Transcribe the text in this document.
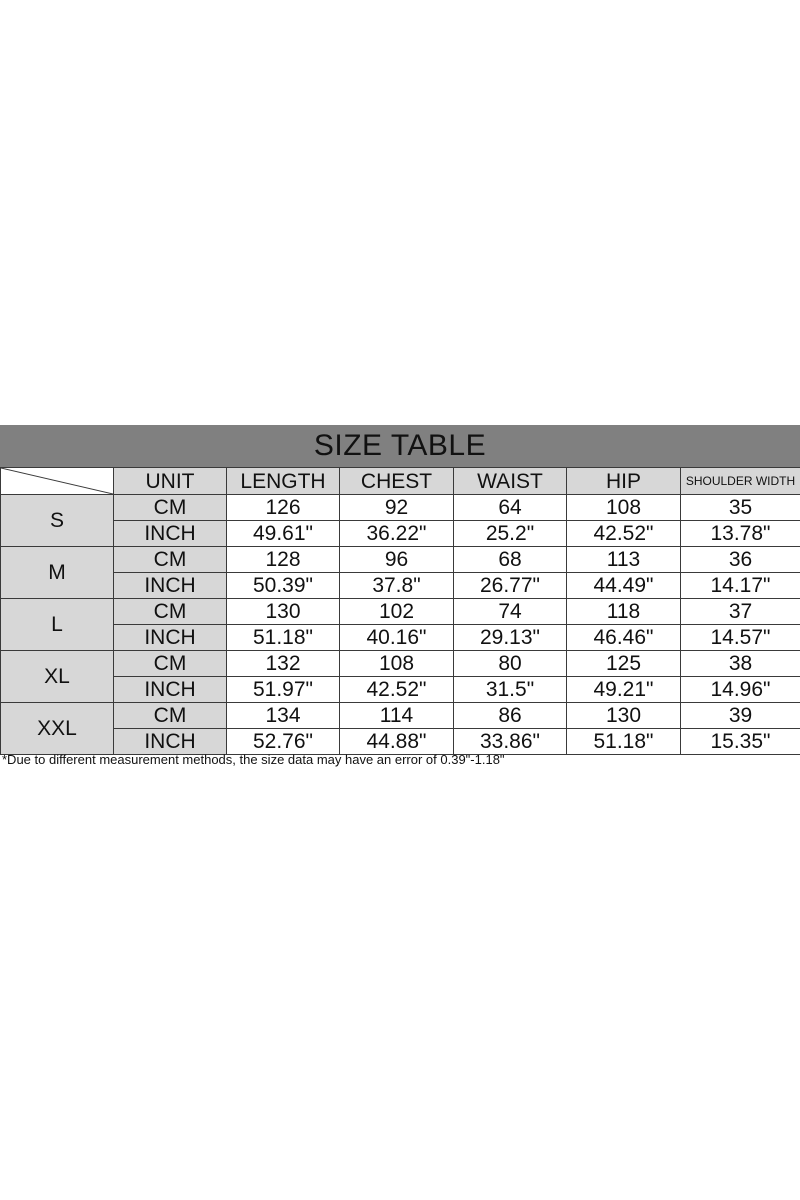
SIZE TABLE
	UNIT	LENGTH	CHEST	WAIST	HIP	SHOULDER WIDTH
S	CM	126	92	64	108	35
	INCH	49.61"	36.22"	25.2"	42.52"	13.78"
M	CM	128	96	68	113	36
	INCH	50.39"	37.8"	26.77"	44.49"	14.17"
L	CM	130	102	74	118	37
	INCH	51.18"	40.16"	29.13"	46.46"	14.57"
XL	CM	132	108	80	125	38
	INCH	51.97"	42.52"	31.5"	49.21"	14.96"
XXL	CM	134	114	86	130	39
	INCH	52.76"	44.88"	33.86"	51.18"	15.35"
*Due to different measurement methods, the size data may have an error of 0.39"-1.18"
